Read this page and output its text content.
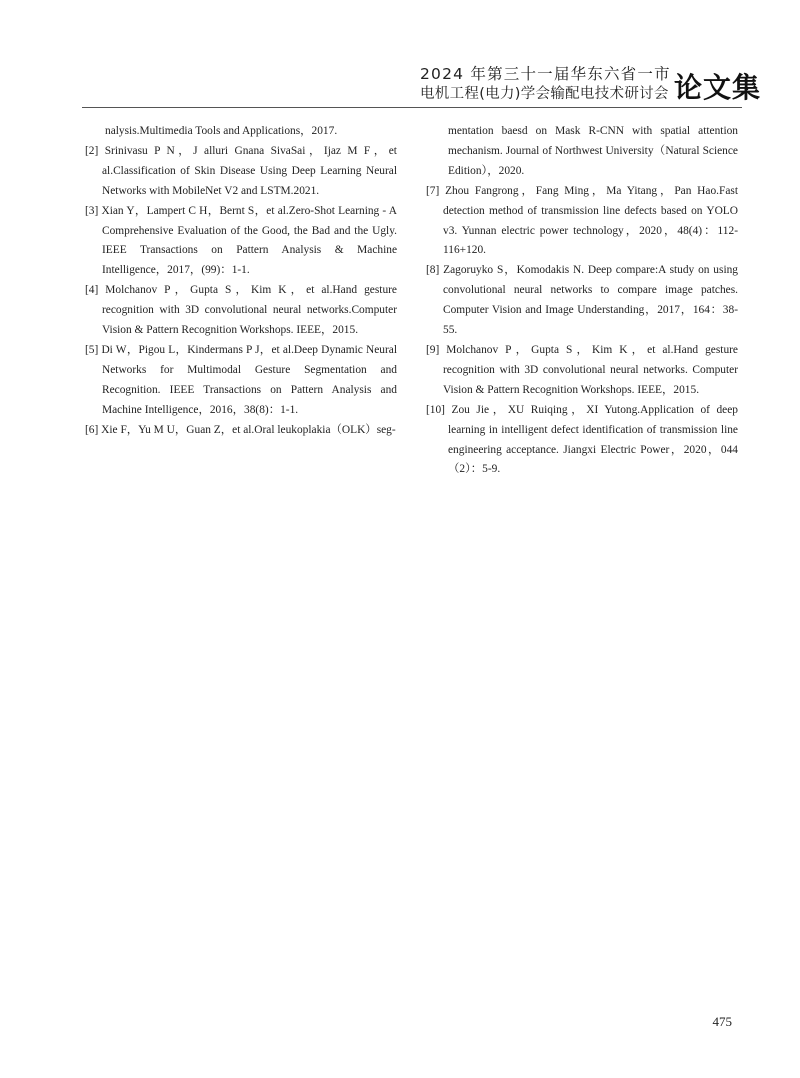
2024 年第三十一届华东六省一市
电机工程(电力)学会输配电技术研讨会 论文集
nalysis.Multimedia Tools and Applications，2017.
[2] Srinivasu P N，J alluri Gnana SivaSai，Ijaz M F，et al.Classification of Skin Disease Using Deep Learning Neural Networks with MobileNet V2 and LSTM.2021.
[3] Xian Y，Lampert C H，Bernt S，et al.Zero-Shot Learning - A Comprehensive Evaluation of the Good, the Bad and the Ugly. IEEE Transactions on Pattern Analysis & Machine Intelligence，2017，(99)：1-1.
[4] Molchanov P，Gupta S，Kim K，et al.Hand gesture recognition with 3D convolutional neural networks.Computer Vision & Pattern Recognition Workshops. IEEE，2015.
[5] Di W，Pigou L，Kindermans P J，et al.Deep Dynamic Neural Networks for Multimodal Gesture Segmentation and Recognition. IEEE Transactions on Pattern Analysis and Machine Intelligence，2016，38(8)：1-1.
[6] Xie F，Yu M U，Guan Z，et al.Oral leukoplakia（OLK）seg-
mentation baesd on Mask R-CNN with spatial attention mechanism. Journal of Northwest University（Natural Science Edition），2020.
[7] Zhou Fangrong，Fang Ming，Ma Yitang，Pan Hao.Fast detection method of transmission line defects based on YOLO v3. Yunnan electric power technology，2020，48(4)：112-116+120.
[8] Zagoruyko S，Komodakis N. Deep compare:A study on using convolutional neural networks to compare image patches. Computer Vision and Image Understanding，2017，164：38-55.
[9] Molchanov P，Gupta S，Kim K，et al.Hand gesture recognition with 3D convolutional neural networks. Computer Vision & Pattern Recognition Workshops. IEEE，2015.
[10] Zou Jie，XU Ruiqing，XI Yutong.Application of deep learning in intelligent defect identification of transmission line engineering acceptance. Jiangxi Electric Power，2020，044（2）：5-9.
475
